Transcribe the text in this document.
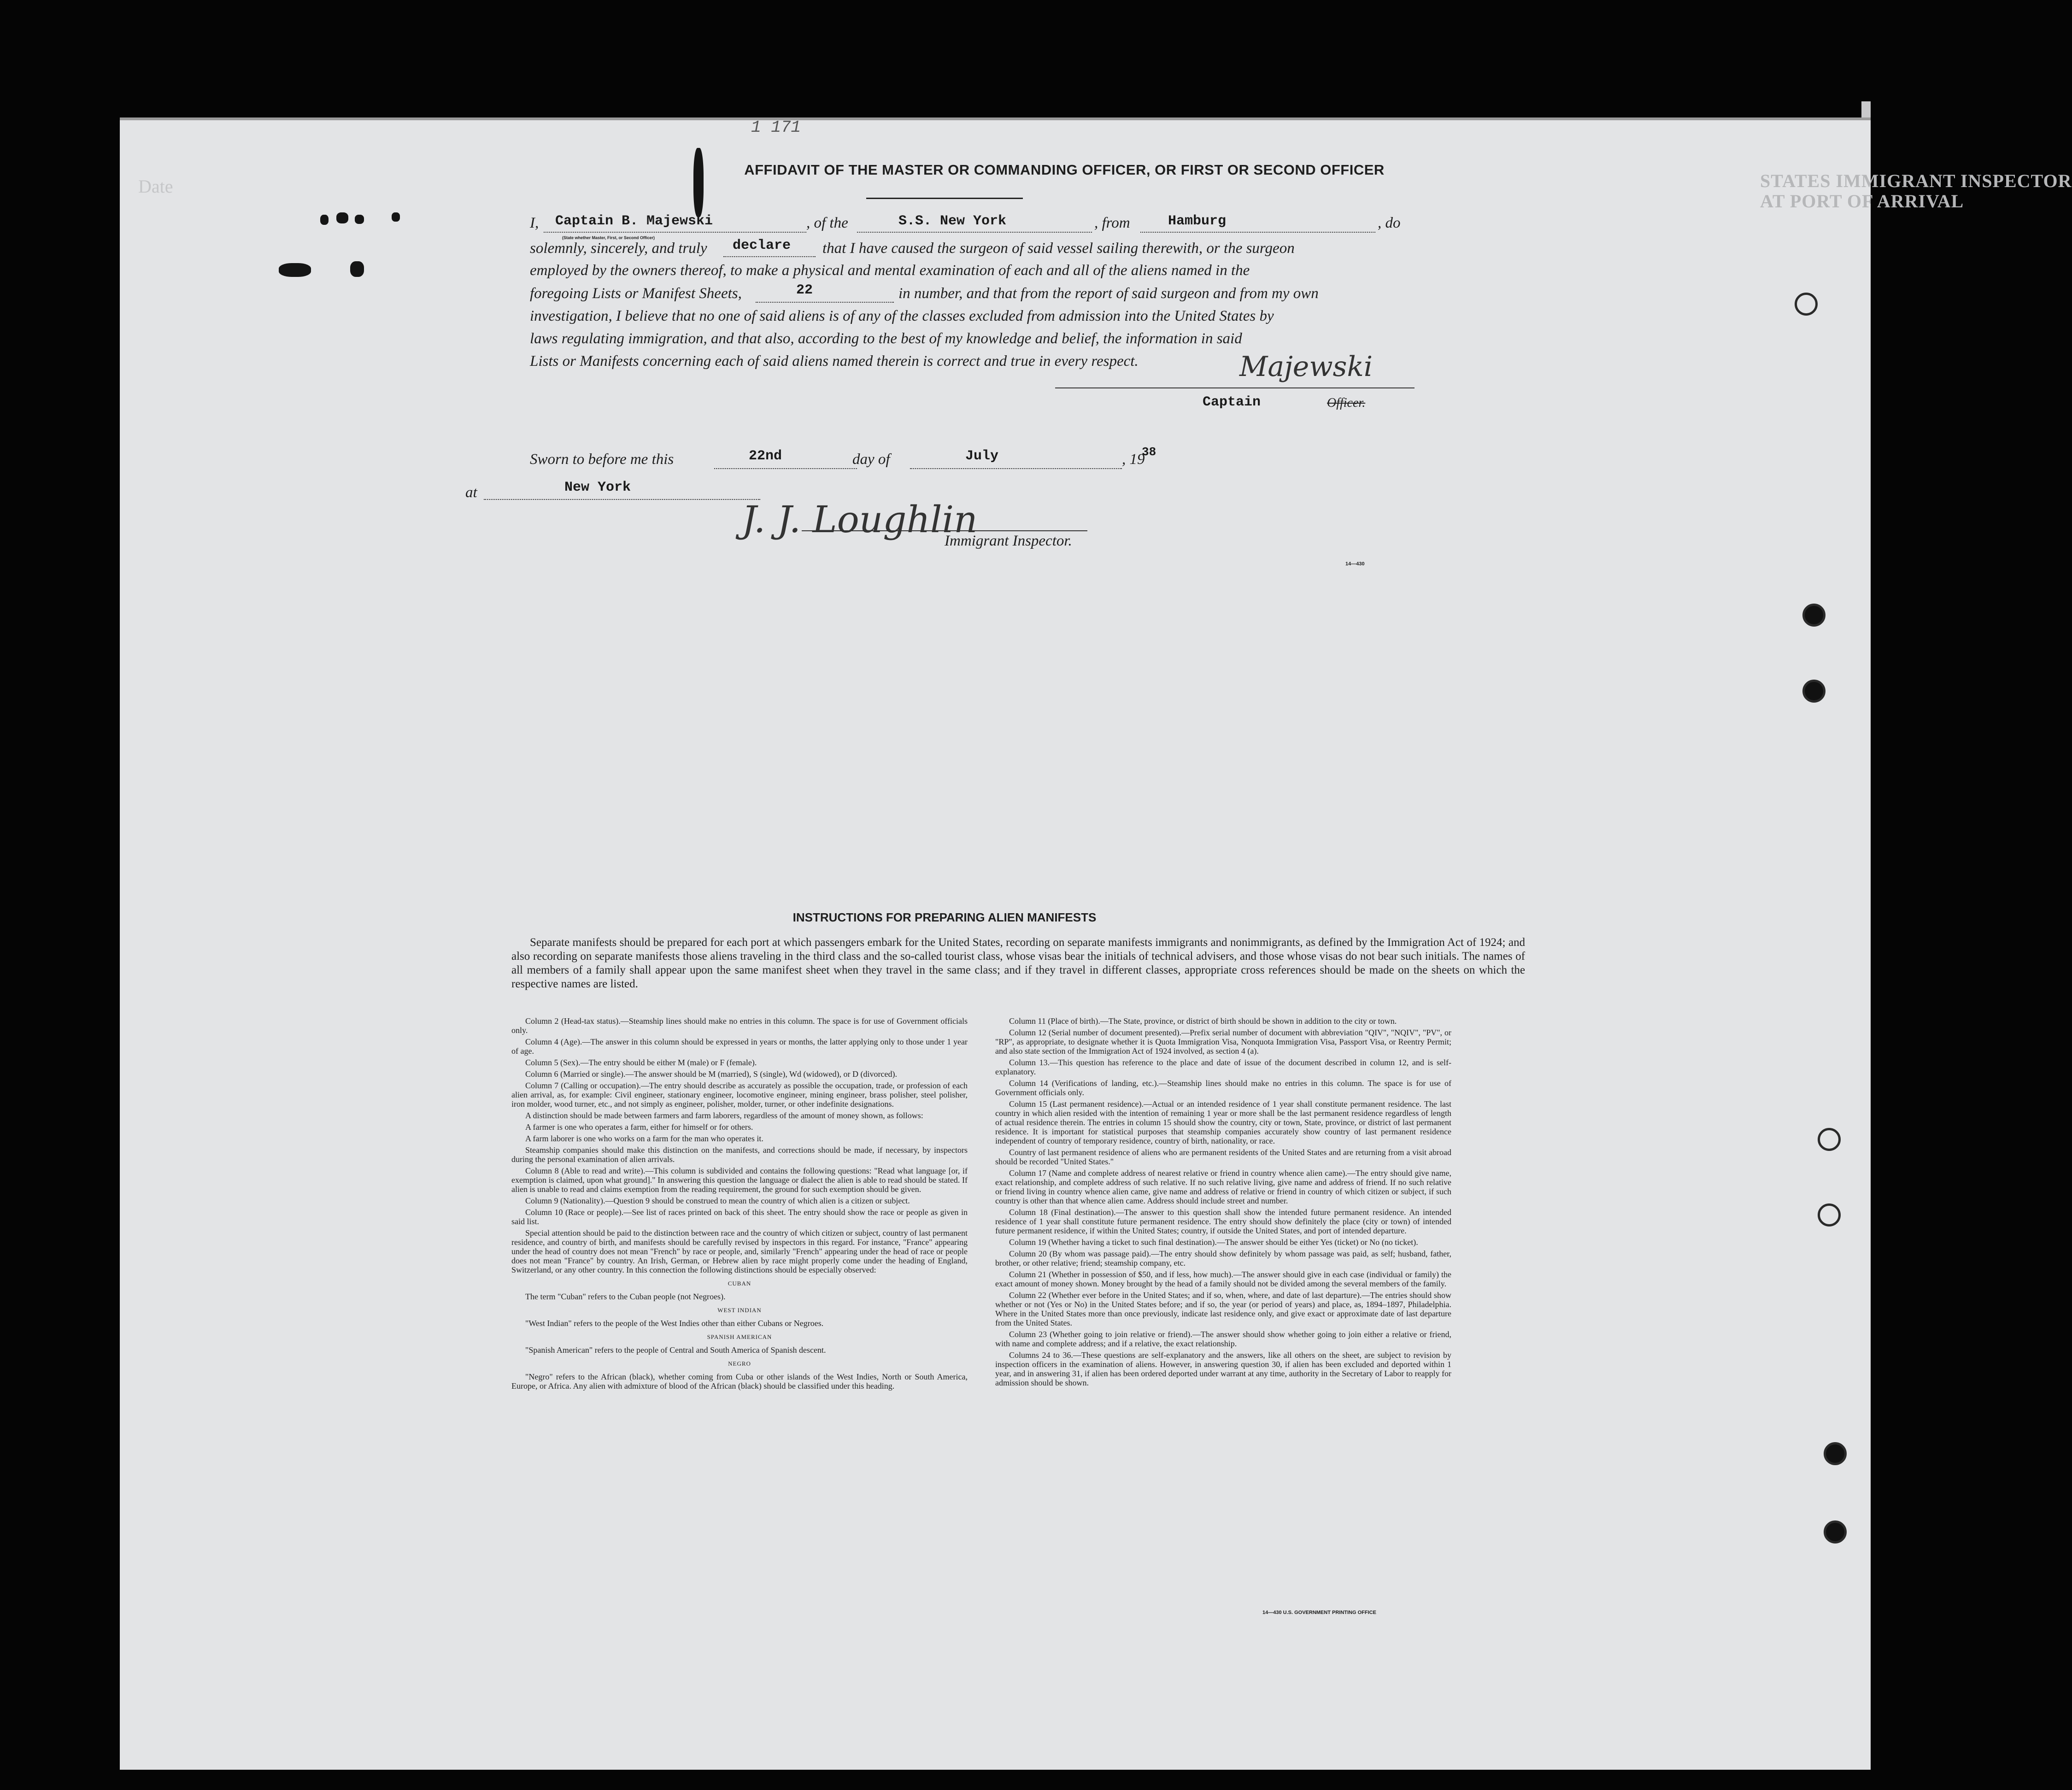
STATES IMMIGRANT INSPECTOR
AT PORT OF ARRIVAL
Date
1 171
AFFIDAVIT OF THE MASTER OR COMMANDING OFFICER, OR FIRST OR SECOND OFFICER
I, Captain B. Majewski
(State whether Master, First, or Second Officer)
, of the	S.S. New York	, from	Hamburg	, do
solemnly, sincerely, and truly declare that I have caused the surgeon of said vessel sailing therewith, or the surgeon
employed by the owners thereof, to make a physical and mental examination of each and all of the aliens named in the
foregoing Lists or Manifest Sheets,	22	in number, and that from the report of said surgeon and from my own
investigation, I believe that no one of said aliens is of any of the classes excluded from admission into the United States by
laws regulating immigration, and that also, according to the best of my knowledge and belief, the information in said
Lists or Manifests concerning each of said aliens named therein is correct and true in every respect.	Majewski
Captain	Officer.
Sworn to before me this	22nd	day of	July	, 19
38
at	New York
J. J. Loughlin
Immigrant Inspector.
14—430
INSTRUCTIONS FOR PREPARING ALIEN MANIFESTS
Separate manifests should be prepared for each port at which passengers embark for the United States, recording on separate manifests immigrants and nonimmigrants, as defined by the Immigration Act of 1924; and also recording on separate manifests those aliens traveling in the third class and the so-called tourist class, whose visas bear the initials of technical advisers, and those whose visas do not bear such initials. The names of all members of a family shall appear upon the same manifest sheet when they travel in the same class; and if they travel in different classes, appropriate cross references should be made on the sheets on which the respective names are listed.

Column 2 (Head-tax status).—Steamship lines should make no entries in this column. The space is for use of Government officials only.

Column 4 (Age).—The answer in this column should be expressed in years or months, the latter applying only to those under 1 year of age.

Column 5 (Sex).—The entry should be either M (male) or F (female).

Column 6 (Married or single).—The answer should be M (married), S (single), Wd (widowed), or D (divorced).

Column 7 (Calling or occupation).—The entry should describe as accurately as possible the occupation, trade, or profession of each alien arrival, as, for example: Civil engineer, stationary engineer, locomotive engineer, mining engineer, brass polisher, steel polisher, iron molder, wood turner, etc., and not simply as engineer, polisher, molder, turner, or other indefinite designations.

A distinction should be made between farmers and farm laborers, regardless of the amount of money shown, as follows:

A farmer is one who operates a farm, either for himself or for others.

A farm laborer is one who works on a farm for the man who operates it.

Steamship companies should make this distinction on the manifests, and corrections should be made, if necessary, by inspectors during the personal examination of alien arrivals.

Column 8 (Able to read and write).—This column is subdivided and contains the following questions: "Read what language [or, if exemption is claimed, upon what ground]." In answering this question the language or dialect the alien is able to read should be stated. If alien is unable to read and claims exemption from the reading requirement, the ground for such exemption should be given.

Column 9 (Nationality).—Question 9 should be construed to mean the country of which alien is a citizen or subject.

Column 10 (Race or people).—See list of races printed on back of this sheet. The entry should show the race or people as given in said list.

Special attention should be paid to the distinction between race and the country of which citizen or subject, country of last permanent residence, and country of birth, and manifests should be carefully revised by inspectors in this regard. For instance, "France" appearing under the head of country does not mean "French" by race or people, and, similarly "French" appearing under the head of race or people does not mean "France" by country. An Irish, German, or Hebrew alien by race might properly come under the heading of England, Switzerland, or any other country. In this connection the following distinctions should be especially observed:

CUBAN

The term "Cuban" refers to the Cuban people (not Negroes).

WEST INDIAN

"West Indian" refers to the people of the West Indies other than either Cubans or Negroes.

SPANISH AMERICAN

"Spanish American" refers to the people of Central and South America of Spanish descent.

NEGRO

"Negro" refers to the African (black), whether coming from Cuba or other islands of the West Indies, North or South America, Europe, or Africa. Any alien with admixture of blood of the African (black) should be classified under this heading.

Column 11 (Place of birth).—The State, province, or district of birth should be shown in addition to the city or town.

Column 12 (Serial number of document presented).—Prefix serial number of document with abbreviation "QIV", "NQIV", "PV", or "RP", as appropriate, to designate whether it is Quota Immigration Visa, Nonquota Immigration Visa, Passport Visa, or Reentry Permit; and also state section of the Immigration Act of 1924 involved, as section 4 (a).

Column 13.—This question has reference to the place and date of issue of the document described in column 12, and is self-explanatory.

Column 14 (Verifications of landing, etc.).—Steamship lines should make no entries in this column. The space is for use of Government officials only.

Column 15 (Last permanent residence).—Actual or an intended residence of 1 year shall constitute permanent residence. The last country in which alien resided with the intention of remaining 1 year or more shall be the last permanent residence regardless of length of actual residence therein. The entries in column 15 should show the country, city or town, State, province, or district of last permanent residence. It is important for statistical purposes that steamship companies accurately show country of last permanent residence independent of country of temporary residence, country of birth, nationality, or race.

Country of last permanent residence of aliens who are permanent residents of the United States and are returning from a visit abroad should be recorded "United States."

Column 17 (Name and complete address of nearest relative or friend in country whence alien came).—The entry should give name, exact relationship, and complete address of such relative. If no such relative living, give name and address of friend. If no such relative or friend living in country whence alien came, give name and address of relative or friend in country of which citizen or subject, if such country is other than that whence alien came. Address should include street and number.

Column 18 (Final destination).—The answer to this question shall show the intended future permanent residence. An intended residence of 1 year shall constitute future permanent residence. The entry should show definitely the place (city or town) of intended future permanent residence, if within the United States; country, if outside the United States, and port of intended departure.

Column 19 (Whether having a ticket to such final destination).—The answer should be either Yes (ticket) or No (no ticket).

Column 20 (By whom was passage paid).—The entry should show definitely by whom passage was paid, as self; husband, father, brother, or other relative; friend; steamship company, etc.

Column 21 (Whether in possession of $50, and if less, how much).—The answer should give in each case (individual or family) the exact amount of money shown. Money brought by the head of a family should not be divided among the several members of the family.

Column 22 (Whether ever before in the United States; and if so, when, where, and date of last departure).—The entries should show whether or not (Yes or No) in the United States before; and if so, the year (or period of years) and place, as, 1894–1897, Philadelphia. Where in the United States more than once previously, indicate last residence only, and give exact or approximate date of last departure from the United States.

Column 23 (Whether going to join relative or friend).—The answer should show whether going to join either a relative or friend, with name and complete address; and if a relative, the exact relationship.

Columns 24 to 36.—These questions are self-explanatory and the answers, like all others on the sheet, are subject to revision by inspection officers in the examination of aliens. However, in answering question 30, if alien has been excluded and deported within 1 year, and in answering 31, if alien has been ordered deported under warrant at any time, authority in the Secretary of Labor to reapply for admission should be shown.

14—430 U.S. GOVERNMENT PRINTING OFFICE
